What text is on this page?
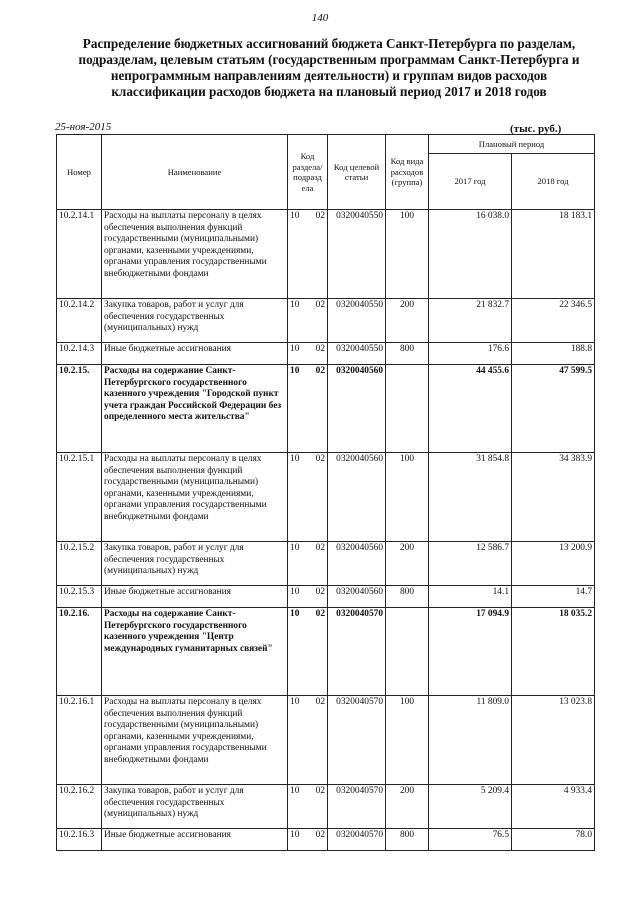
140
Распределение бюджетных ассигнований бюджета Санкт-Петербурга по разделам, подразделам, целевым статьям (государственным программам Санкт-Петербурга и непрограммным направлениям деятельности) и группам видов расходов классификации расходов бюджета на плановый период 2017 и 2018 годов
25-ноя-2015	(тыс. руб.)
Номер	Наименование	Код раздела/ подразд ела	Код целевой статьи	Код вида расходов (группа)	Плановый период	
					2017 год	2018 год
10.2.14.1	Расходы на выплаты персоналу в целях обеспечения выполнения функций государственными (муниципальными) органами, казенными учреждениями, органами управления государственными внебюджетными фондами	10 02	0320040550	100	16 038.0	18 183.1
10.2.14.2	Закупка товаров, работ и услуг для обеспечения государственных (муниципальных) нужд	10 02	0320040550	200	21 832.7	22 346.5
10.2.14.3	Иные бюджетные ассигнования	10 02	0320040550	800	176.6	188.8
10.2.15.	Расходы на содержание Санкт-Петербургского государственного казенного учреждения "Городской пункт учета граждан Российской Федерации без определенного места жительства"	10 02	0320040560		44 455.6	47 599.5
10.2.15.1	Расходы на выплаты персоналу в целях обеспечения выполнения функций государственными (муниципальными) органами, казенными учреждениями, органами управления государственными внебюджетными фондами	10 02	0320040560	100	31 854.8	34 383.9
10.2.15.2	Закупка товаров, работ и услуг для обеспечения государственных (муниципальных) нужд	10 02	0320040560	200	12 586.7	13 200.9
10.2.15.3	Иные бюджетные ассигнования	10 02	0320040560	800	14.1	14.7
10.2.16.	Расходы на содержание Санкт-Петербургского государственного казенного учреждения "Центр международных гуманитарных связей"	10 02	0320040570		17 094.9	18 035.2
10.2.16.1	Расходы на выплаты персоналу в целях обеспечения выполнения функций государственными (муниципальными) органами, казенными учреждениями, органами управления государственными внебюджетными фондами	10 02	0320040570	100	11 809.0	13 023.8
10.2.16.2	Закупка товаров, работ и услуг для обеспечения государственных (муниципальных) нужд	10 02	0320040570	200	5 209.4	4 933.4
10.2.16.3	Иные бюджетные ассигнования	10 02	0320040570	800	76.5	78.0
